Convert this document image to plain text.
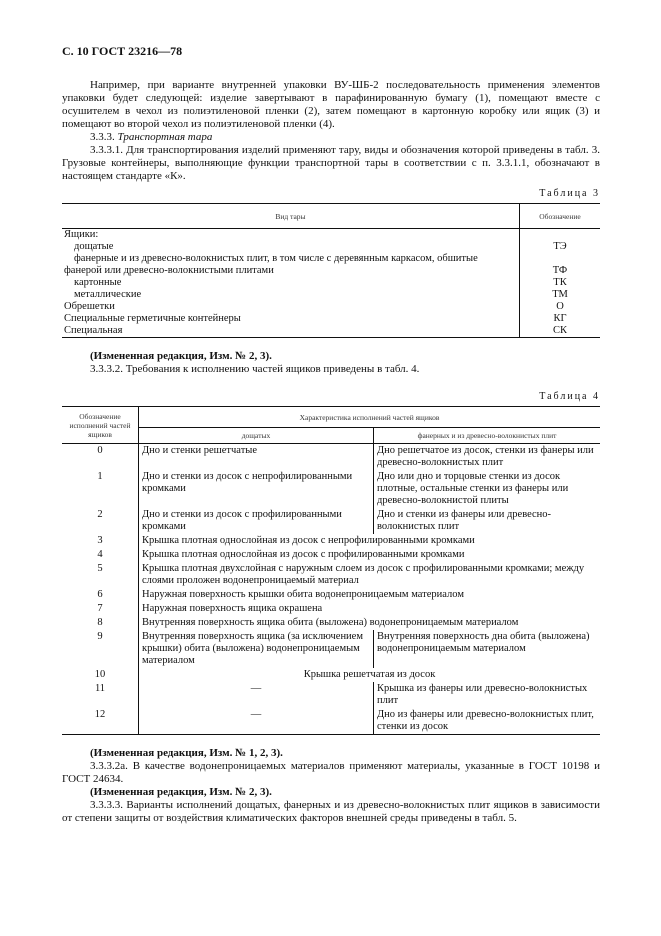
С. 10 ГОСТ 23216—78

Например, при варианте внутренней упаковки ВУ-ШБ-2 последовательность применения элементов упаковки будет следующей: изделие завертывают в парафинированную бумагу (1), помещают вместе с осушителем в чехол из полиэтиленовой пленки (2), затем помещают в картонную коробку или ящик (3) и помещают во второй чехол из полиэтиленовой пленки (4).

3.3.3. Транспортная тара

3.3.3.1. Для транспортирования изделий применяют тару, виды и обозначения которой приведены в табл. 3. Грузовые контейнеры, выполняющие функции транспортной тары в соответствии с п. 3.3.1.1, обозначают в настоящем стандарте «К».

Таблица 3
Вид тары	Обозначение
Ящики:	
дощатые	ТЭ
фанерные и из древесно-волокнистых плит, в том числе с деревянным каркасом, обшитые фанерой или древесно-волокнистыми плитами	ТФ
картонные	ТК
металлические	ТМ
Обрешетки	О
Специальные герметичные контейнеры	КГ
Специальная	СК

(Измененная редакция, Изм. № 2, 3).

3.3.3.2. Требования к исполнению частей ящиков приведены в табл. 4.

Таблица 4
Обозначение исполнений частей ящиков	Характеристика исполнений частей ящиков	
	дощатых	фанерных и из древесно-волокнистых плит
0	Дно и стенки решетчатые	Дно решетчатое из досок, стенки из фанеры или древесно-волокнистых плит
1	Дно и стенки из досок с непрофилированными кромками	Дно или дно и торцовые стенки из досок плотные, остальные стенки из фанеры или древесно-волокнистой плиты
2	Дно и стенки из досок с профилированными кромками	Дно и стенки из фанеры или древесно-волокнистых плит
3	Крышка плотная однослойная из досок с непрофилированными кромками	
4	Крышка плотная однослойная из досок с профилированными кромками	
5	Крышка плотная двухслойная с наружным слоем из досок с профилированными кромками; между слоями проложен водонепроницаемый материал	
6	Наружная поверхность крышки обита водонепроницаемым материалом	
7	Наружная поверхность ящика окрашена	
8	Внутренняя поверхность ящика обита (выложена) водонепроницаемым материалом	
9	Внутренняя поверхность ящика (за исключением крышки) обита (выложена) водонепроницаемым материалом	Внутренняя поверхность дна обита (выложена) водонепроницаемым материалом
10	Крышка решетчатая из досок	
11	—	Крышка из фанеры или древесно-волокнистых плит
12	—	Дно из фанеры или древесно-волокнистых плит, стенки из досок

(Измененная редакция, Изм. № 1, 2, 3).

3.3.3.2а. В качестве водонепроницаемых материалов применяют материалы, указанные в ГОСТ 10198 и ГОСТ 24634.

(Измененная редакция, Изм. № 2, 3).

3.3.3.3. Варианты исполнений дощатых, фанерных и из древесно-волокнистых плит ящиков в зависимости от степени защиты от воздействия климатических факторов внешней среды приведены в табл. 5.
